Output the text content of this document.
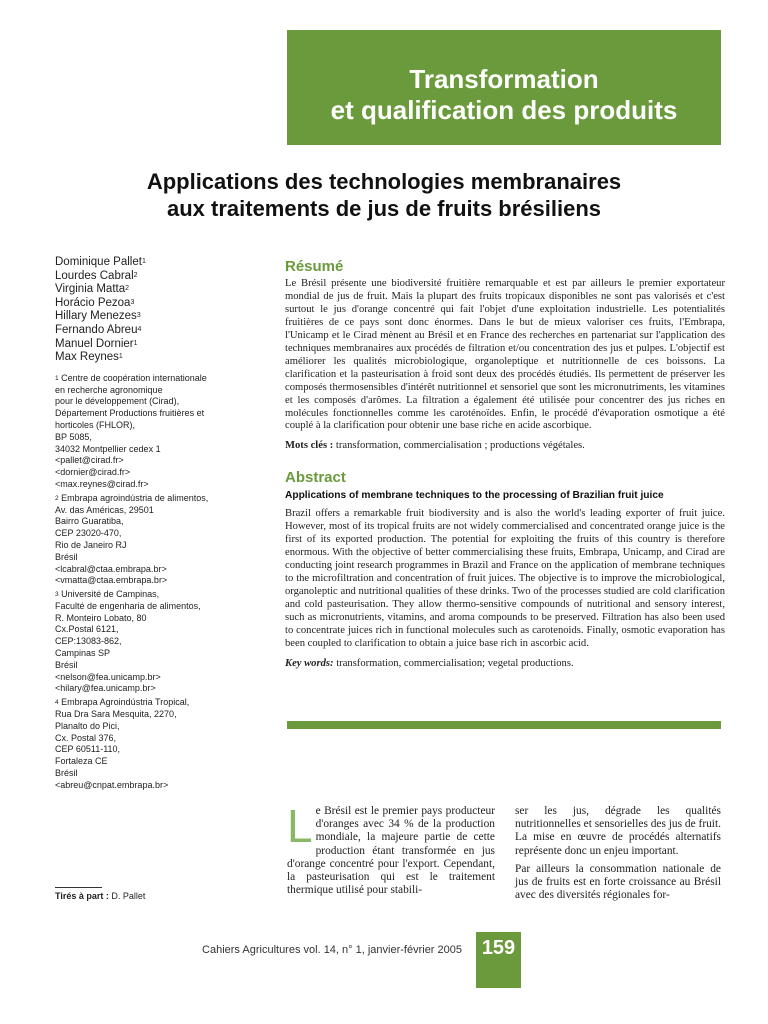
Transformation
et qualification des produits
Applications des technologies membranaires
aux traitements de jus de fruits brésiliens
Dominique Pallet$^1$
Lourdes Cabral$^2$
Virginia Matta$^2$
Horácio Pezoa$^3$
Hillary Menezes$^3$
Fernando Abreu$^4$
Manuel Dornier$^1$
Max Reynes$^1$
$^1$ Centre de coopération internationale
en recherche agronomique
pour le développement (Cirad),
Département Productions fruitières et
horticoles (FHLOR),
BP 5085,
34032 Montpellier cedex 1
<pallet@cirad.fr>
<dornier@cirad.fr>
<max.reynes@cirad.fr>
$^2$ Embrapa agroindústria de alimentos,
Av. das Américas, 29501
Bairro Guaratiba,
CEP 23020-470,
Rio de Janeiro RJ
Brésil
<lcabral@ctaa.embrapa.br>
<vmatta@ctaa.embrapa.br>
$^3$ Université de Campinas,
Faculté de engenharia de alimentos,
R. Monteiro Lobato, 80
Cx.Postal 6121,
CEP:13083-862,
Campinas SP
Brésil
<nelson@fea.unicamp.br>
<hilary@fea.unicamp.br>
$^4$ Embrapa Agroindústria Tropical,
Rua Dra Sara Mesquita, 2270,
Planalto do Pici,
Cx. Postal 376,
CEP 60511-110,
Fortaleza CE
Brésil
<abreu@cnpat.embrapa.br>
Résumé

Le Brésil présente une biodiversité fruitière remarquable et est par ailleurs le premier exportateur mondial de jus de fruit. Mais la plupart des fruits tropicaux disponibles ne sont pas valorisés et c'est surtout le jus d'orange concentré qui fait l'objet d'une exploitation industrielle. Les potentialités fruitières de ce pays sont donc énormes. Dans le but de mieux valoriser ces fruits, l'Embrapa, l'Unicamp et le Cirad mènent au Brésil et en France des recherches en partenariat sur l'application des techniques membranaires aux procédés de filtration et/ou concentration des jus et pulpes. L'objectif est améliorer les qualités microbiologique, organoleptique et nutritionnelle de ces boissons. La clarification et la pasteurisation à froid sont deux des procédés étudiés. Ils permettent de préserver les composés thermosensibles d'intérêt nutritionnel et sensoriel que sont les micronutriments, les vitamines et les composés d'arômes. La filtration a également été utilisée pour concentrer des jus riches en molécules fonctionnelles comme les caroténoïdes. Enfin, le procédé d'évaporation osmotique a été couplé à la clarification pour obtenir une base riche en acide ascorbique.

Mots clés : transformation, commercialisation ; productions végétales.

Abstract
Applications of membrane techniques to the processing of Brazilian fruit juice

Brazil offers a remarkable fruit biodiversity and is also the world's leading exporter of fruit juice. However, most of its tropical fruits are not widely commercialised and concentrated orange juice is the first of its exported production. The potential for exploiting the fruits of this country is therefore enormous. With the objective of better commercialising these fruits, Embrapa, Unicamp, and Cirad are conducting joint research programmes in Brazil and France on the application of membrane techniques to the microfiltration and concentration of fruit juices. The objective is to improve the microbiological, organoleptic and nutritional qualities of these drinks. Two of the processes studied are cold clarification and cold pasteurisation. They allow thermo-sensitive compounds of nutritional and sensory interest, such as micronutrients, vitamins, and aroma compounds to be preserved. Filtration has also been used to concentrate juices rich in functional molecules such as carotenoids. Finally, osmotic evaporation has been coupled to clarification to obtain a juice base rich in ascorbic acid.

Key words: transformation, commercialisation; vegetal productions.

L e Brésil est le premier pays producteur d'oranges avec 34 % de la production mondiale, la majeure partie de cette production étant transformée en jus d'orange concentré pour l'export. Cependant, la pasteurisation qui est le traitement thermique utilisé pour stabili-

ser les jus, dégrade les qualités nutritionnelles et sensorielles des jus de fruit. La mise en œuvre de procédés alternatifs représente donc un enjeu important.

Par ailleurs la consommation nationale de jus de fruits est en forte croissance au Brésil avec des diversités régionales for-

Tirés à part : D. Pallet
Cahiers Agricultures vol. 14, n° 1, janvier-février 2005 159
